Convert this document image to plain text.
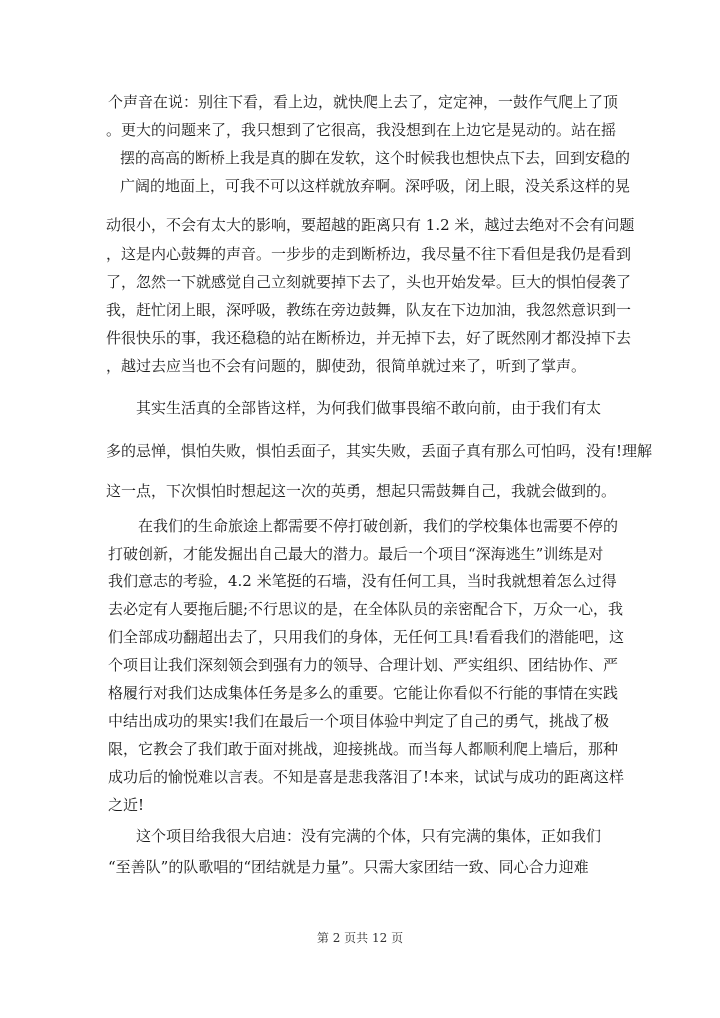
个声音在说：别往下看，看上边，就快爬上去了，定定神，一鼓作气爬上了顶
。更大的问题来了，我只想到了它很高，我没想到在上边它是晃动的。站在摇
摆的高高的断桥上我是真的脚在发软，这个时候我也想快点下去，回到安稳的
广阔的地面上，可我不可以这样就放弃啊。深呼吸，闭上眼，没关系这样的晃
动很小，不会有太大的影响，要超越的距离只有 1.2 米，越过去绝对不会有问题
，这是内心鼓舞的声音。一步步的走到断桥边，我尽量不往下看但是我仍是看到
了，忽然一下就感觉自己立刻就要掉下去了，头也开始发晕。巨大的惧怕侵袭了
我，赶忙闭上眼，深呼吸，教练在旁边鼓舞，队友在下边加油，我忽然意识到一
件很快乐的事，我还稳稳的站在断桥边，并无掉下去，好了既然刚才都没掉下去
，越过去应当也不会有问题的，脚使劲，很简单就过来了，听到了掌声。
其实生活真的全部皆这样，为何我们做事畏缩不敢向前，由于我们有太
多的忌惮，惧怕失败，惧怕丢面子，其实失败，丢面子真有那么可怕吗，没有!理解
这一点，下次惧怕时想起这一次的英勇，想起只需鼓舞自己，我就会做到的。
在我们的生命旅途上都需要不停打破创新，我们的学校集体也需要不停的
打破创新，才能发掘出自己最大的潜力。最后一个项目“深海逃生”训练是对
我们意志的考验，4.2 米笔挺的石墙，没有任何工具，当时我就想着怎么过得
去必定有人要拖后腿;不行思议的是，在全体队员的亲密配合下，万众一心，我
们全部成功翻超出去了，只用我们的身体，无任何工具!看看我们的潜能吧，这
个项目让我们深刻领会到强有力的领导、合理计划、严实组织、团结协作、严
格履行对我们达成集体任务是多么的重要。它能让你看似不行能的事情在实践
中结出成功的果实!我们在最后一个项目体验中判定了自己的勇气，挑战了极
限，它教会了我们敢于面对挑战，迎接挑战。而当每人都顺利爬上墙后，那种
成功后的愉悦难以言表。不知是喜是悲我落泪了!本来，试试与成功的距离这样
之近!
这个项目给我很大启迪：没有完满的个体，只有完满的集体，正如我们
“至善队”的队歌唱的“团结就是力量”。只需大家团结一致、同心合力迎难
第 2 页共 12 页
